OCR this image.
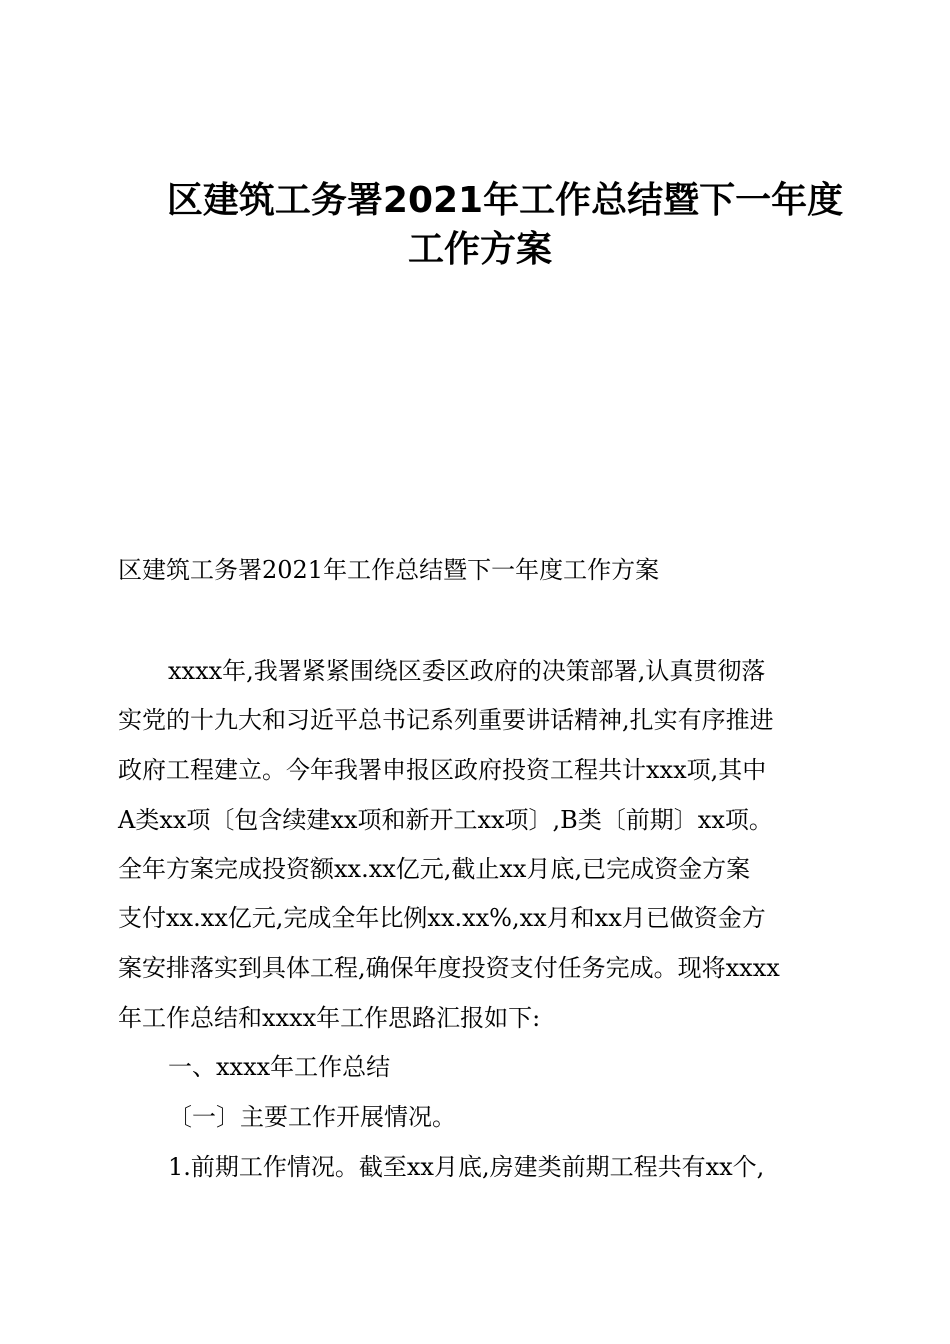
区建筑工务署2021年工作总结暨下一年度
工作方案
区建筑工务署2021年工作总结暨下一年度工作方案
xxxx年,我署紧紧围绕区委区政府的决策部署,认真贯彻落
实党的十九大和习近平总书记系列重要讲话精神,扎实有序推进
政府工程建立。今年我署申报区政府投资工程共计xxx项,其中
A类xx项〔包含续建xx项和新开工xx项〕,B类〔前期〕xx项。
全年方案完成投资额xx.xx亿元,截止xx月底,已完成资金方案
支付xx.xx亿元,完成全年比例xx.xx%,xx月和xx月已做资金方
案安排落实到具体工程,确保年度投资支付任务完成。现将xxxx
年工作总结和xxxx年工作思路汇报如下:
一、xxxx年工作总结
〔一〕主要工作开展情况。
1.前期工作情况。截至xx月底,房建类前期工程共有xx个,
